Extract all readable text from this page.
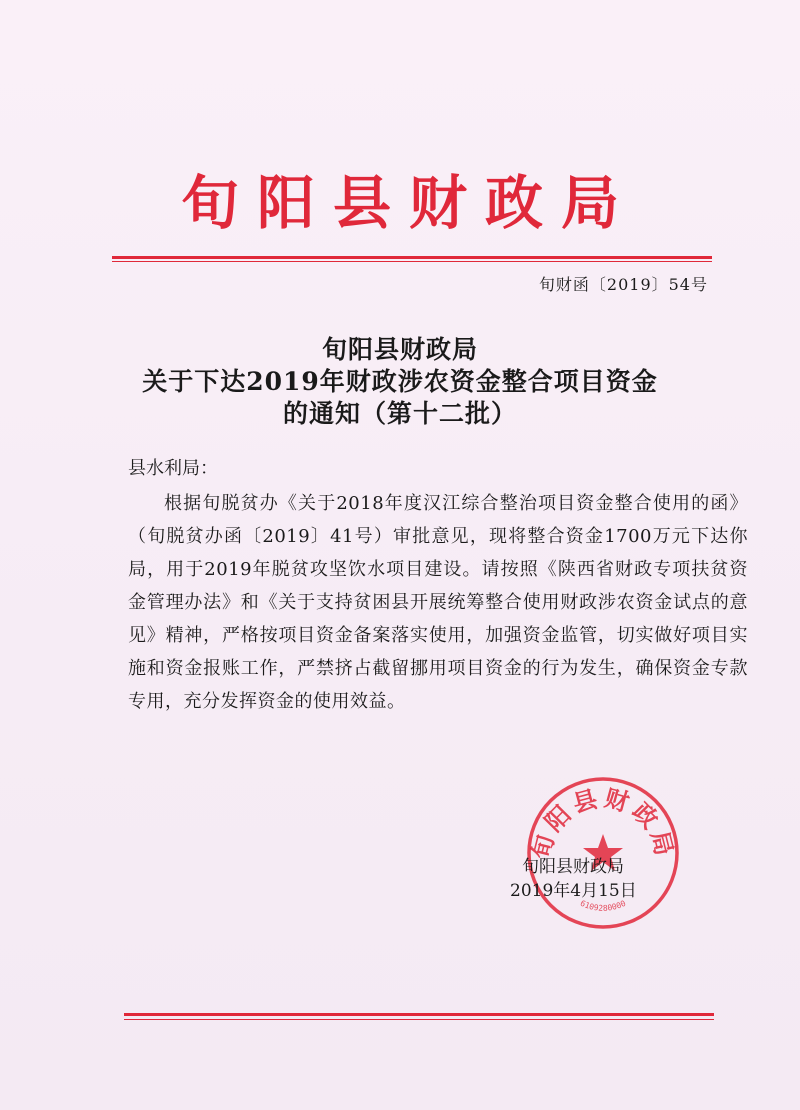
旬阳县财政局
旬财函〔2019〕54号
旬阳县财政局
关于下达2019年财政涉农资金整合项目资金
的通知（第十二批）
县水利局：
根据旬脱贫办《关于2018年度汉江综合整治项目资金整合使用的函》（旬脱贫办函〔2019〕41号）审批意见，现将整合资金1700万元下达你局，用于2019年脱贫攻坚饮水项目建设。请按照《陕西省财政专项扶贫资金管理办法》和《关于支持贫困县开展统筹整合使用财政涉农资金试点的意见》精神，严格按项目资金备案落实使用，加强资金监管，切实做好项目实施和资金报账工作，严禁挤占截留挪用项目资金的行为发生，确保资金专款专用，充分发挥资金的使用效益。
旬阳县财政局
6109280000
旬阳县财政局
2019年4月15日
